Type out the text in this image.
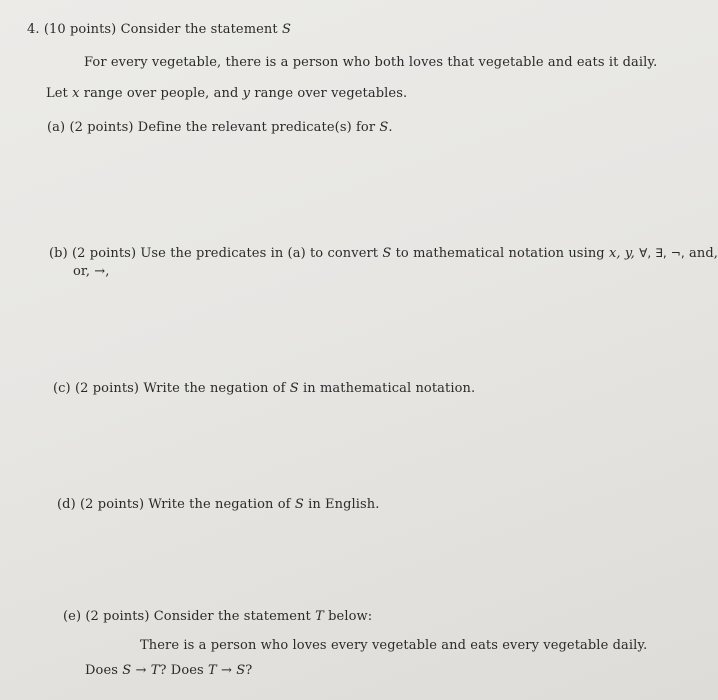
4. (10 points) Consider the statement S
For every vegetable, there is a person who both loves that vegetable and eats it daily.
Let x range over people, and y range over vegetables.
(a) (2 points) Define the relevant predicate(s) for S.
(b) (2 points) Use the predicates in (a) to convert S to mathematical notation using x, y, ∀, ∃, ¬, and,
or, →,
(c) (2 points) Write the negation of S in mathematical notation.
(d) (2 points) Write the negation of S in English.
(e) (2 points) Consider the statement T below:
There is a person who loves every vegetable and eats every vegetable daily.
Does S → T? Does T → S?
